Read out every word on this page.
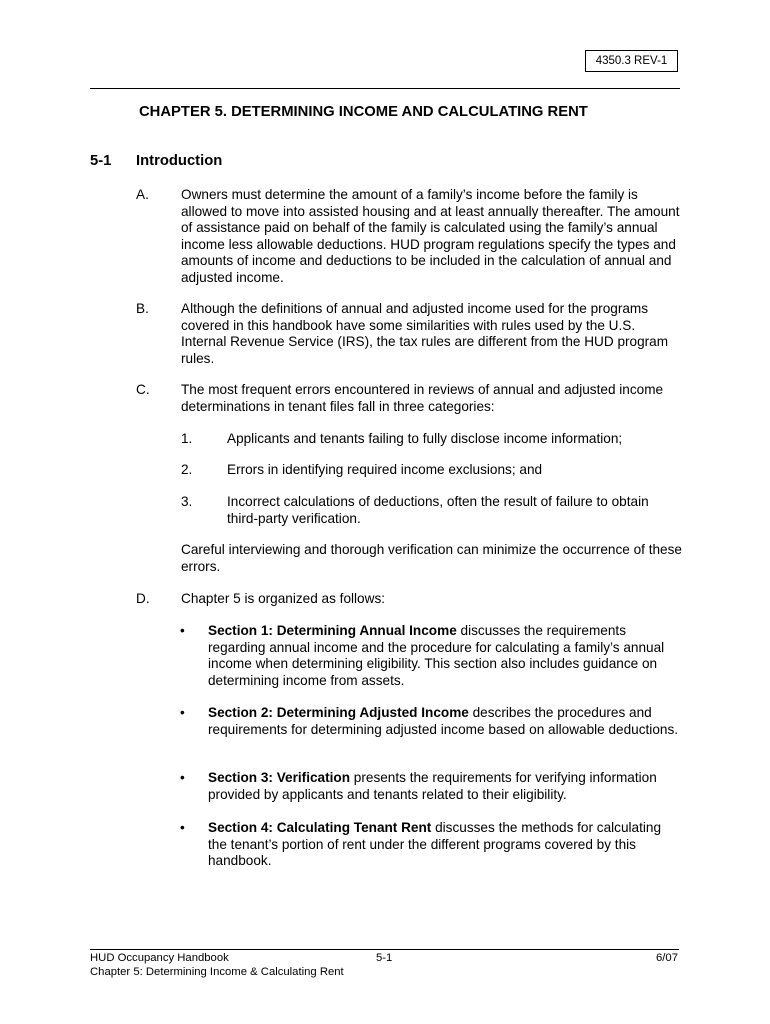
4350.3 REV-1
CHAPTER 5. DETERMINING INCOME AND CALCULATING RENT
5-1 Introduction
A. Owners must determine the amount of a family’s income before the family is allowed to move into assisted housing and at least annually thereafter. The amount of assistance paid on behalf of the family is calculated using the family’s annual income less allowable deductions. HUD program regulations specify the types and amounts of income and deductions to be included in the calculation of annual and adjusted income.
B. Although the definitions of annual and adjusted income used for the programs covered in this handbook have some similarities with rules used by the U.S. Internal Revenue Service (IRS), the tax rules are different from the HUD program rules.
C. The most frequent errors encountered in reviews of annual and adjusted income determinations in tenant files fall in three categories:
1.	Applicants and tenants failing to fully disclose income information;
2.	Errors in identifying required income exclusions; and
3.	Incorrect calculations of deductions, often the result of failure to obtain third-party verification.
Careful interviewing and thorough verification can minimize the occurrence of these errors.
D. Chapter 5 is organized as follows:
• Section 1: Determining Annual Income discusses the requirements regarding annual income and the procedure for calculating a family’s annual income when determining eligibility. This section also includes guidance on determining income from assets.
• Section 2: Determining Adjusted Income describes the procedures and requirements for determining adjusted income based on allowable deductions.
• Section 3: Verification presents the requirements for verifying information provided by applicants and tenants related to their eligibility.
• Section 4: Calculating Tenant Rent discusses the methods for calculating the tenant’s portion of rent under the different programs covered by this handbook.
HUD Occupancy Handbook
Chapter 5: Determining Income & Calculating Rent
5-1	6/07
